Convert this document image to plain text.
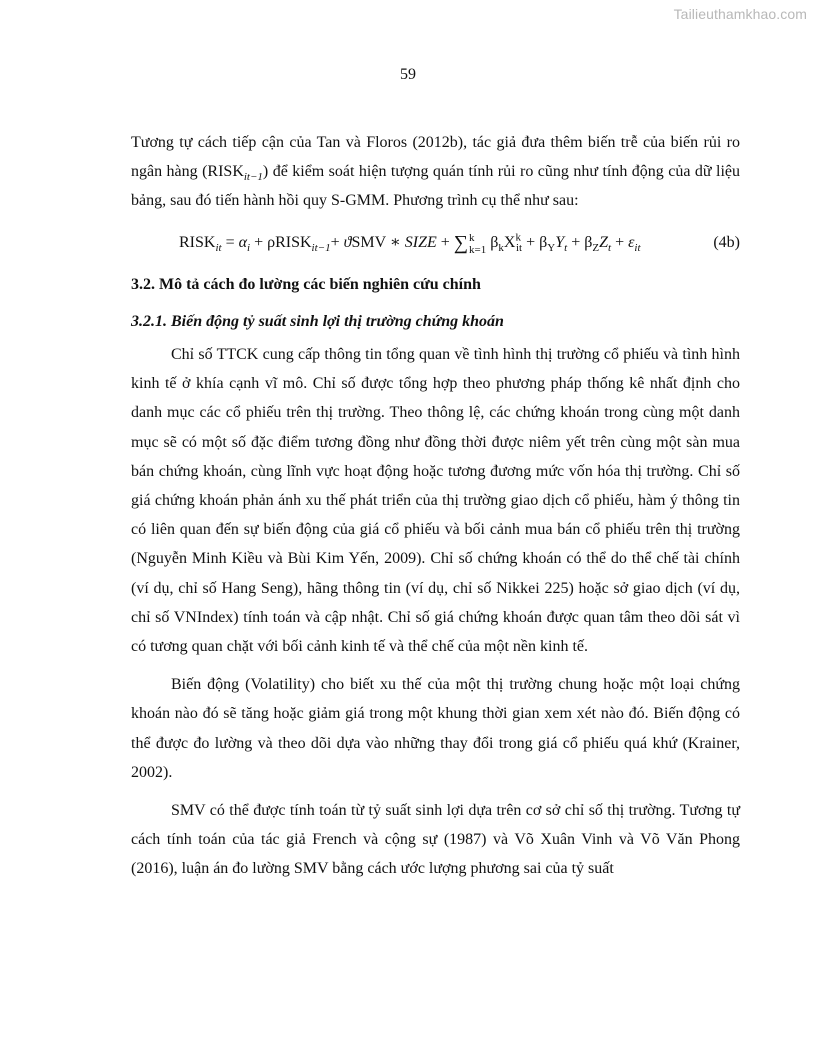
Tailieuthamkhao.com
59

Tương tự cách tiếp cận của Tan và Floros (2012b), tác giả đưa thêm biến trễ của biến rủi ro ngân hàng $(RISK_{it-1})$ để kiểm soát hiện tượng quán tính rủi ro cũng như tính động của dữ liệu bảng, sau đó tiến hành hồi quy S-GMM. Phương trình cụ thể như sau:

$RISK_{it} = \alpha_i$ + ρRISK$_{it-1}$+ ϑSMV ∗ SIZE + ∑ k
k=1 $\beta_kX^k_{it} + \beta_YY_t + \beta_ZZ_t + \varepsilon_{it}$	(4b)

3.2. Mô tả cách đo lường các biến nghiên cứu chính

3.2.1. Biến động tỷ suất sinh lợi thị trường chứng khoán

Chỉ số TTCK cung cấp thông tin tổng quan về tình hình thị trường cổ phiếu và tình hình kinh tế ở khía cạnh vĩ mô. Chỉ số được tổng hợp theo phương pháp thống kê nhất định cho danh mục các cổ phiếu trên thị trường. Theo thông lệ, các chứng khoán trong cùng một danh mục sẽ có một số đặc điểm tương đồng như đồng thời được niêm yết trên cùng một sàn mua bán chứng khoán, cùng lĩnh vực hoạt động hoặc tương đương mức vốn hóa thị trường. Chỉ số giá chứng khoán phản ánh xu thế phát triển của thị trường giao dịch cổ phiếu, hàm ý thông tin có liên quan đến sự biến động của giá cổ phiếu và bối cảnh mua bán cổ phiếu trên thị trường (Nguyễn Minh Kiều và Bùi Kim Yến, 2009). Chỉ số chứng khoán có thể do thể chế tài chính (ví dụ, chỉ số Hang Seng), hãng thông tin (ví dụ, chỉ số Nikkei 225) hoặc sở giao dịch (ví dụ, chỉ số VNIndex) tính toán và cập nhật. Chỉ số giá chứng khoán được quan tâm theo dõi sát vì có tương quan chặt với bối cảnh kinh tế và thể chế của một nền kinh tế.

Biến động (Volatility) cho biết xu thế của một thị trường chung hoặc một loại chứng khoán nào đó sẽ tăng hoặc giảm giá trong một khung thời gian xem xét nào đó. Biến động có thể được đo lường và theo dõi dựa vào những thay đổi trong giá cổ phiếu quá khứ (Krainer, 2002).

SMV có thể được tính toán từ tỷ suất sinh lợi dựa trên cơ sở chỉ số thị trường. Tương tự cách tính toán của tác giả French và cộng sự (1987) và Võ Xuân Vinh và Võ Văn Phong (2016), luận án đo lường SMV bằng cách ước lượng phương sai của tỷ suất
